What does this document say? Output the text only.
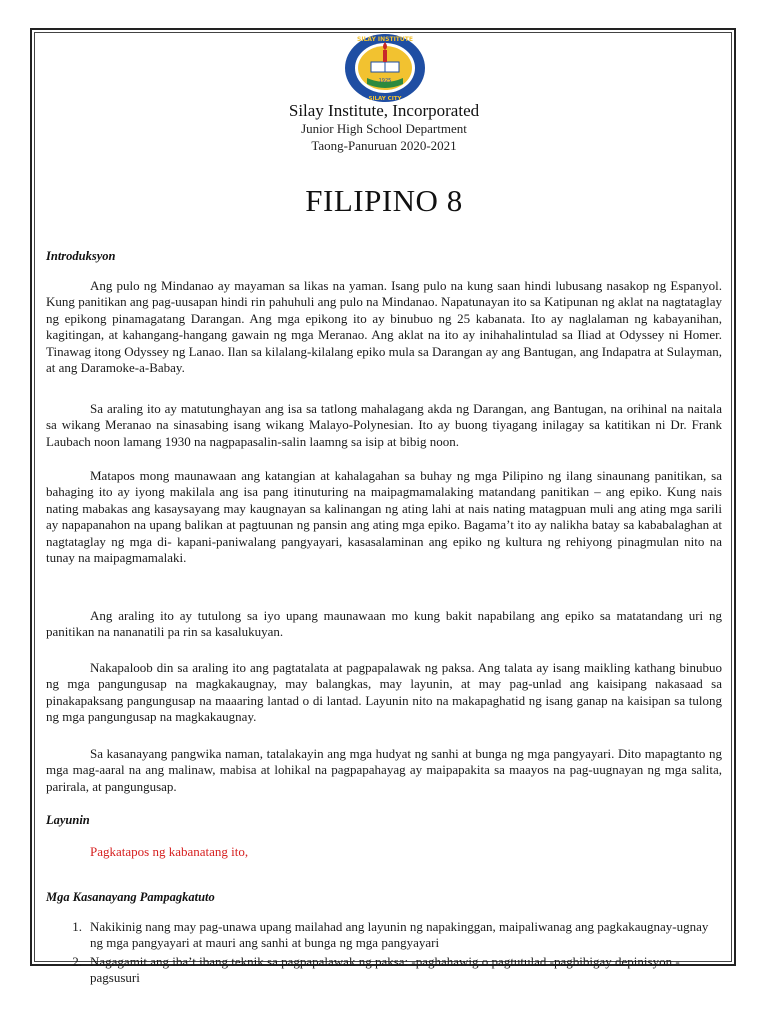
1925
SILAY INSTITUTE
SILAY CITY
Silay Institute, Incorporated
Junior High School Department
Taong-Panuruan 2020-2021
FILIPINO 8
Introduksyon
Ang pulo ng Mindanao ay mayaman sa likas na yaman. Isang pulo na kung saan hindi lubusang nasakop ng Espanyol. Kung panitikan ang pag-uusapan hindi rin pahuhuli ang pulo na Mindanao. Napatunayan ito sa Katipunan ng aklat na nagtataglay ng epikong pinamagatang Darangan. Ang mga epikong ito ay binubuo ng 25 kabanata. Ito ay naglalaman ng kabayanihan, kagitingan, at kahangang-hangang gawain ng mga Meranao. Ang aklat na ito ay inihahalintulad sa Iliad at Odyssey ni Homer. Tinawag itong Odyssey ng Lanao. Ilan sa kilalang-kilalang epiko mula sa Darangan ay ang Bantugan, ang Indapatra at Sulayman, at ang Daramoke-a-Babay.
Sa araling ito ay matutunghayan ang isa sa tatlong mahalagang akda ng Darangan, ang Bantugan, na orihinal na naitala sa wikang Meranao na sinasabing isang wikang Malayo-Polynesian. Ito ay buong tiyagang inilagay sa katitikan ni Dr. Frank Laubach noon lamang 1930 na nagpapasalin-salin laamng sa isip at bibig noon.
Matapos mong maunawaan ang katangian at kahalagahan sa buhay ng mga Pilipino ng ilang sinaunang panitikan, sa bahaging ito ay iyong makilala ang isa pang itinuturing na maipagmamalaking matandang panitikan – ang epiko. Kung nais nating mabakas ang kasaysayang may kaugnayan sa kalinangan ng ating lahi at nais nating matagpuan muli ang ating mga sarili ay napapanahon na upang balikan at pagtuunan ng pansin ang ating mga epiko. Bagama’t ito ay nalikha batay sa kababalaghan at nagtataglay ng mga di- kapani-paniwalang pangyayari, kasasalaminan ang epiko ng kultura ng rehiyong pinagmulan nito na tunay na maipagmamalaki.
Ang araling ito ay tutulong sa iyo upang maunawaan mo kung bakit napabilang ang epiko sa matatandang uri ng panitikan na nananatili pa rin sa kasalukuyan.
Nakapaloob din sa araling ito ang pagtatalata at pagpapalawak ng paksa. Ang talata ay isang maikling kathang binubuo ng mga pangungusap na magkakaugnay, may balangkas, may layunin, at may pag-unlad ang kaisipang nakasaad sa pinakapaksang pangungusap na maaaring lantad o di lantad. Layunin nito na makapaghatid ng isang ganap na kaisipan sa tulong ng mga pangungusap na magkakaugnay.
Sa kasanayang pangwika naman, tatalakayin ang mga hudyat ng sanhi at bunga ng mga pangyayari. Dito mapagtanto ng mga mag-aaral na ang malinaw, mabisa at lohikal na pagpapahayag ay maipapakita sa maayos na pag-uugnayan ng mga salita, parirala, at pangungusap.
Layunin
Pagkatapos ng kabanatang ito,
Mga Kasanayang Pampagkatuto
1. Nakikinig nang may pag-unawa upang mailahad ang layunin ng napakinggan, maipaliwanag ang pagkakaugnay-ugnay ng mga pangyayari at mauri ang sanhi at bunga ng mga pangyayari
2. Nagagamit ang iba’t ibang teknik sa pagpapalawak ng paksa: -paghahawig o pagtutulad -pagbibigay depinisyon -pagsusuri
